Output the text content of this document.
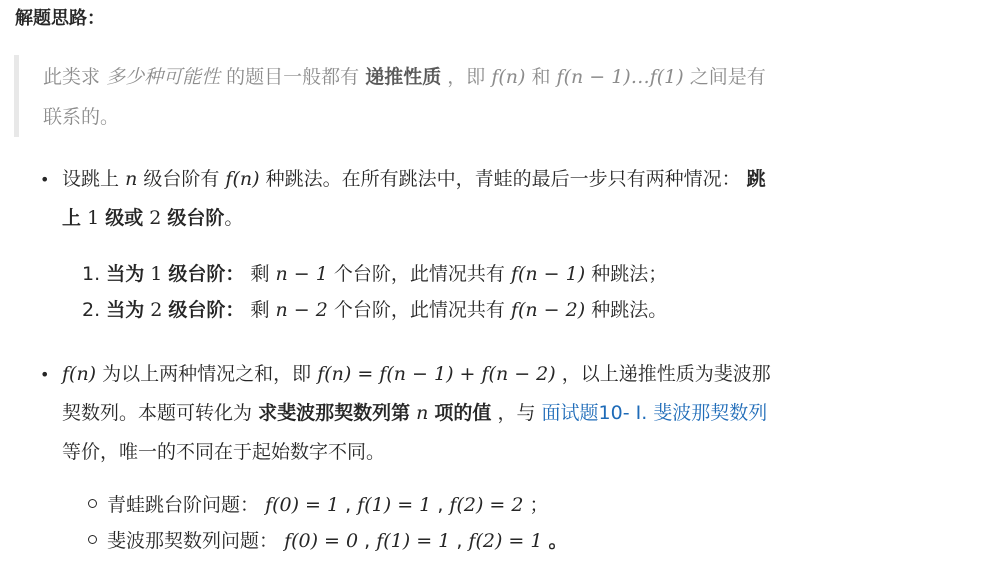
解题思路：
此类求 多少种可能性 的题目一般都有 递推性质 ，即 f(n) 和 f(n − 1)…f(1) 之间是有
联系的。
• 设跳上 n 级台阶有 f(n) 种跳法。在所有跳法中，青蛙的最后一步只有两种情况： 跳
上 1 级或 2 级台阶。
1. 当为 1 级台阶： 剩 n − 1 个台阶，此情况共有 f(n − 1) 种跳法；
2. 当为 2 级台阶： 剩 n − 2 个台阶，此情况共有 f(n − 2) 种跳法。
• f(n) 为以上两种情况之和，即 f(n) = f(n − 1) + f(n − 2) ，以上递推性质为斐波那
契数列。本题可转化为 求斐波那契数列第 n 项的值 ，与 面试题10- I. 斐波那契数列
等价，唯一的不同在于起始数字不同。
青蛙跳台阶问题： f(0) = 1 , f(1) = 1 , f(2) = 2 ；
斐波那契数列问题： f(0) = 0 , f(1) = 1 , f(2) = 1 。
